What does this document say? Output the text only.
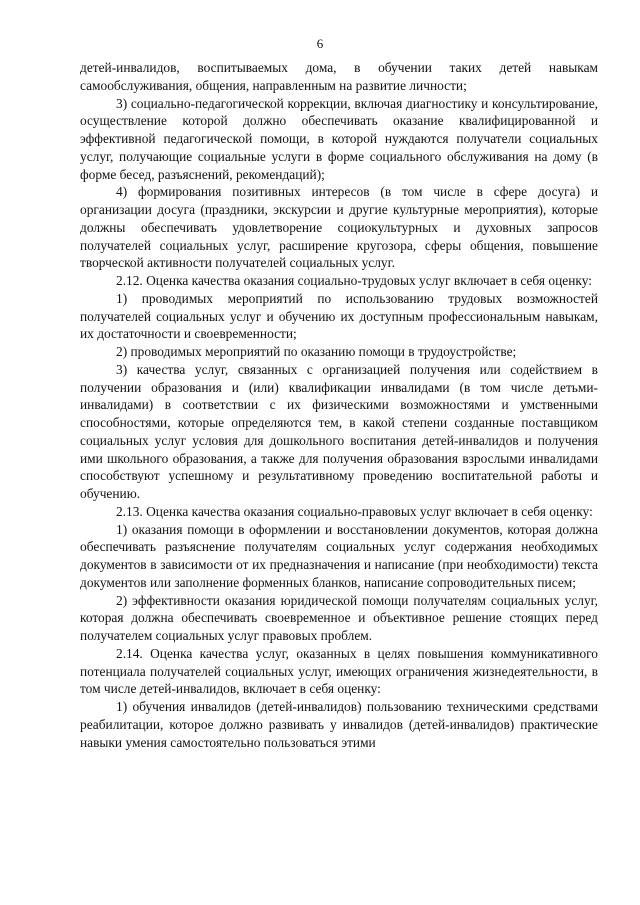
6

детей-инвалидов, воспитываемых дома, в обучении таких детей навыкам самообслуживания, общения, направленным на развитие личности;

3) социально-педагогической коррекции, включая диагностику и консультирование, осуществление которой должно обеспечивать оказание квалифицированной и эффективной педагогической помощи, в которой нуждаются получатели социальных услуг, получающие социальные услуги в форме социального обслуживания на дому (в форме бесед, разъяснений, рекомендаций);

4) формирования позитивных интересов (в том числе в сфере досуга) и организации досуга (праздники, экскурсии и другие культурные мероприятия), которые должны обеспечивать удовлетворение социокультурных и духовных запросов получателей социальных услуг, расширение кругозора, сферы общения, повышение творческой активности получателей социальных услуг.

2.12. Оценка качества оказания социально-трудовых услуг включает в себя оценку:

1) проводимых мероприятий по использованию трудовых возможностей получателей социальных услуг и обучению их доступным профессиональным навыкам, их достаточности и своевременности;

2) проводимых мероприятий по оказанию помощи в трудоустройстве;

3) качества услуг, связанных с организацией получения или содействием в получении образования и (или) квалификации инвалидами (в том числе детьми-инвалидами) в соответствии с их физическими возможностями и умственными способностями, которые определяются тем, в какой степени созданные поставщиком социальных услуг условия для дошкольного воспитания детей-инвалидов и получения ими школьного образования, а также для получения образования взрослыми инвалидами способствуют успешному и результативному проведению воспитательной работы и обучению.

2.13. Оценка качества оказания социально-правовых услуг включает в себя оценку:

1) оказания помощи в оформлении и восстановлении документов, которая должна обеспечивать разъяснение получателям социальных услуг содержания необходимых документов в зависимости от их предназначения и написание (при необходимости) текста документов или заполнение форменных бланков, написание сопроводительных писем;

2) эффективности оказания юридической помощи получателям социальных услуг, которая должна обеспечивать своевременное и объективное решение стоящих перед получателем социальных услуг правовых проблем.

2.14. Оценка качества услуг, оказанных в целях повышения коммуникативного потенциала получателей социальных услуг, имеющих ограничения жизнедеятельности, в том числе детей-инвалидов, включает в себя оценку:

1) обучения инвалидов (детей-инвалидов) пользованию техническими средствами реабилитации, которое должно развивать у инвалидов (детей-инвалидов) практические навыки умения самостоятельно пользоваться этими
